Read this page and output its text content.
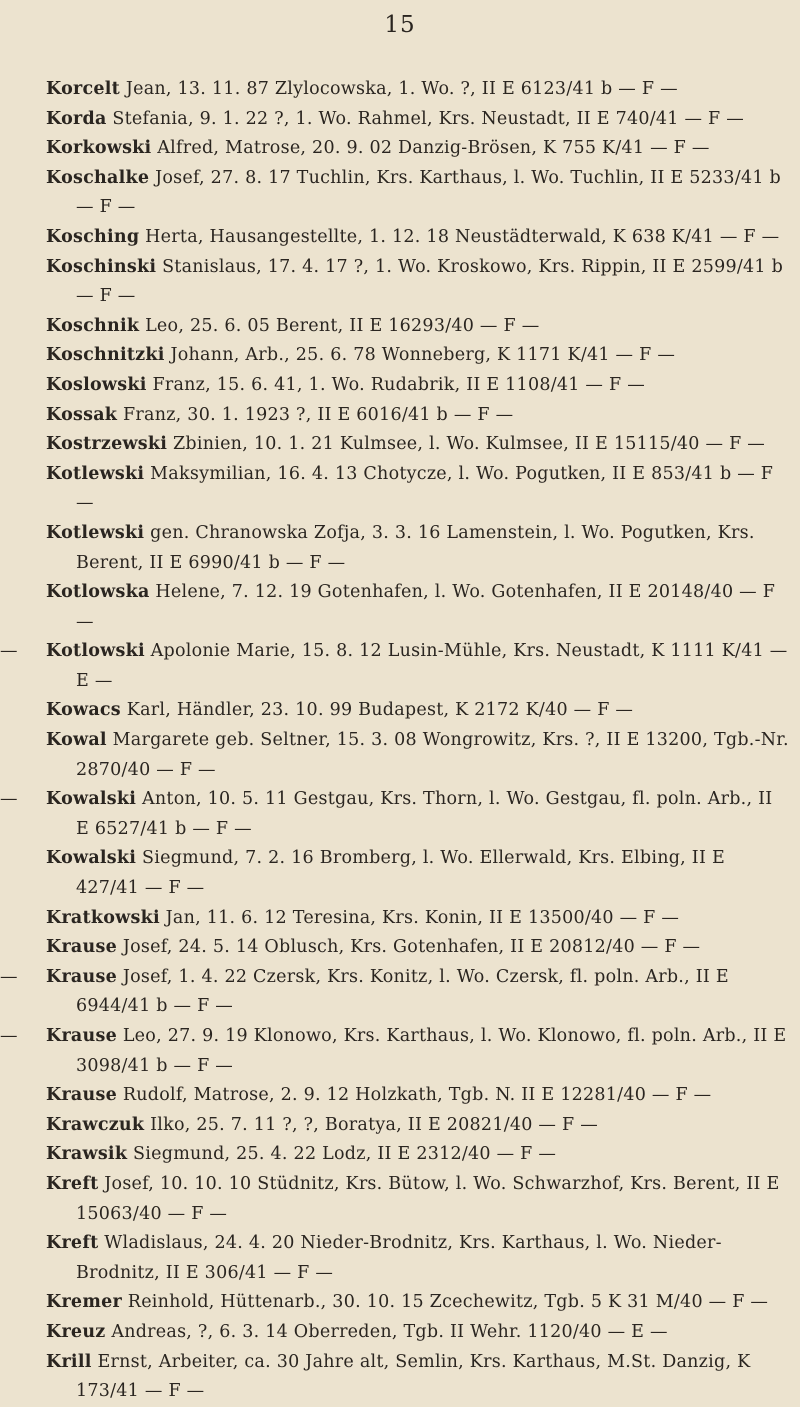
15

Korcelt Jean, 13. 11. 87 Zlylocowska, 1. Wo. ?, II E 6123/41 b — F —

Korda Stefania, 9. 1. 22 ?, 1. Wo. Rahmel, Krs. Neustadt, II E 740/41 — F —

Korkowski Alfred, Matrose, 20. 9. 02 Danzig-Brösen, K 755 K/41 — F —

Koschalke Josef, 27. 8. 17 Tuchlin, Krs. Karthaus, l. Wo. Tuchlin, II E 5233/41 b — F —

Kosching Herta, Hausangestellte, 1. 12. 18 Neustädterwald, K 638 K/41 — F —

Koschinski Stanislaus, 17. 4. 17 ?, 1. Wo. Kroskowo, Krs. Rippin, II E 2599/41 b — F —

Koschnik Leo, 25. 6. 05 Berent, II E 16293/40 — F —

Koschnitzki Johann, Arb., 25. 6. 78 Wonneberg, K 1171 K/41 — F —

Koslowski Franz, 15. 6. 41, 1. Wo. Rudabrik, II E 1108/41 — F —

Kossak Franz, 30. 1. 1923 ?, II E 6016/41 b — F —

Kostrzewski Zbinien, 10. 1. 21 Kulmsee, l. Wo. Kulmsee, II E 15115/40 — F —

Kotlewski Maksymilian, 16. 4. 13 Chotycze, l. Wo. Pogutken, II E 853/41 b — F —

Kotlewski gen. Chranowska Zofja, 3. 3. 16 Lamenstein, l. Wo. Pogutken, Krs. Berent, II E 6990/41 b — F —

Kotlowska Helene, 7. 12. 19 Gotenhafen, l. Wo. Gotenhafen, II E 20148/40 — F —

—	Kotlowski Apolonie Marie, 15. 8. 12 Lusin-Mühle, Krs. Neustadt, K 1111 K/41 — E —

Kowacs Karl, Händler, 23. 10. 99 Budapest, K 2172 K/40 — F —

Kowal Margarete geb. Seltner, 15. 3. 08 Wongrowitz, Krs. ?, II E 13200, Tgb.-Nr. 2870/40 — F —

—	Kowalski Anton, 10. 5. 11 Gestgau, Krs. Thorn, l. Wo. Gestgau, fl. poln. Arb., II E 6527/41 b — F —

Kowalski Siegmund, 7. 2. 16 Bromberg, l. Wo. Ellerwald, Krs. Elbing, II E 427/41 — F —

Kratkowski Jan, 11. 6. 12 Teresina, Krs. Konin, II E 13500/40 — F —

Krause Josef, 24. 5. 14 Oblusch, Krs. Gotenhafen, II E 20812/40 — F —

—	Krause Josef, 1. 4. 22 Czersk, Krs. Konitz, l. Wo. Czersk, fl. poln. Arb., II E 6944/41 b — F —

—	Krause Leo, 27. 9. 19 Klonowo, Krs. Karthaus, l. Wo. Klonowo, fl. poln. Arb., II E 3098/41 b — F —

Krause Rudolf, Matrose, 2. 9. 12 Holzkath, Tgb. N. II E 12281/40 — F —

Krawczuk Ilko, 25. 7. 11 ?, ?, Boratya, II E 20821/40 — F —

Krawsik Siegmund, 25. 4. 22 Lodz, II E 2312/40 — F —

Kreft Josef, 10. 10. 10 Stüdnitz, Krs. Bütow, l. Wo. Schwarzhof, Krs. Berent, II E 15063/40 — F —

Kreft Wladislaus, 24. 4. 20 Nieder-Brodnitz, Krs. Karthaus, l. Wo. Nieder-Brodnitz, II E 306/41 — F —

Kremer Reinhold, Hüttenarb., 30. 10. 15 Zcechewitz, Tgb. 5 K 31 M/40 — F —

Kreuz Andreas, ?, 6. 3. 14 Oberreden, Tgb. II Wehr. 1120/40 — E —

Krill Ernst, Arbeiter, ca. 30 Jahre alt, Semlin, Krs. Karthaus, M.St. Danzig, K 173/41 — F —
